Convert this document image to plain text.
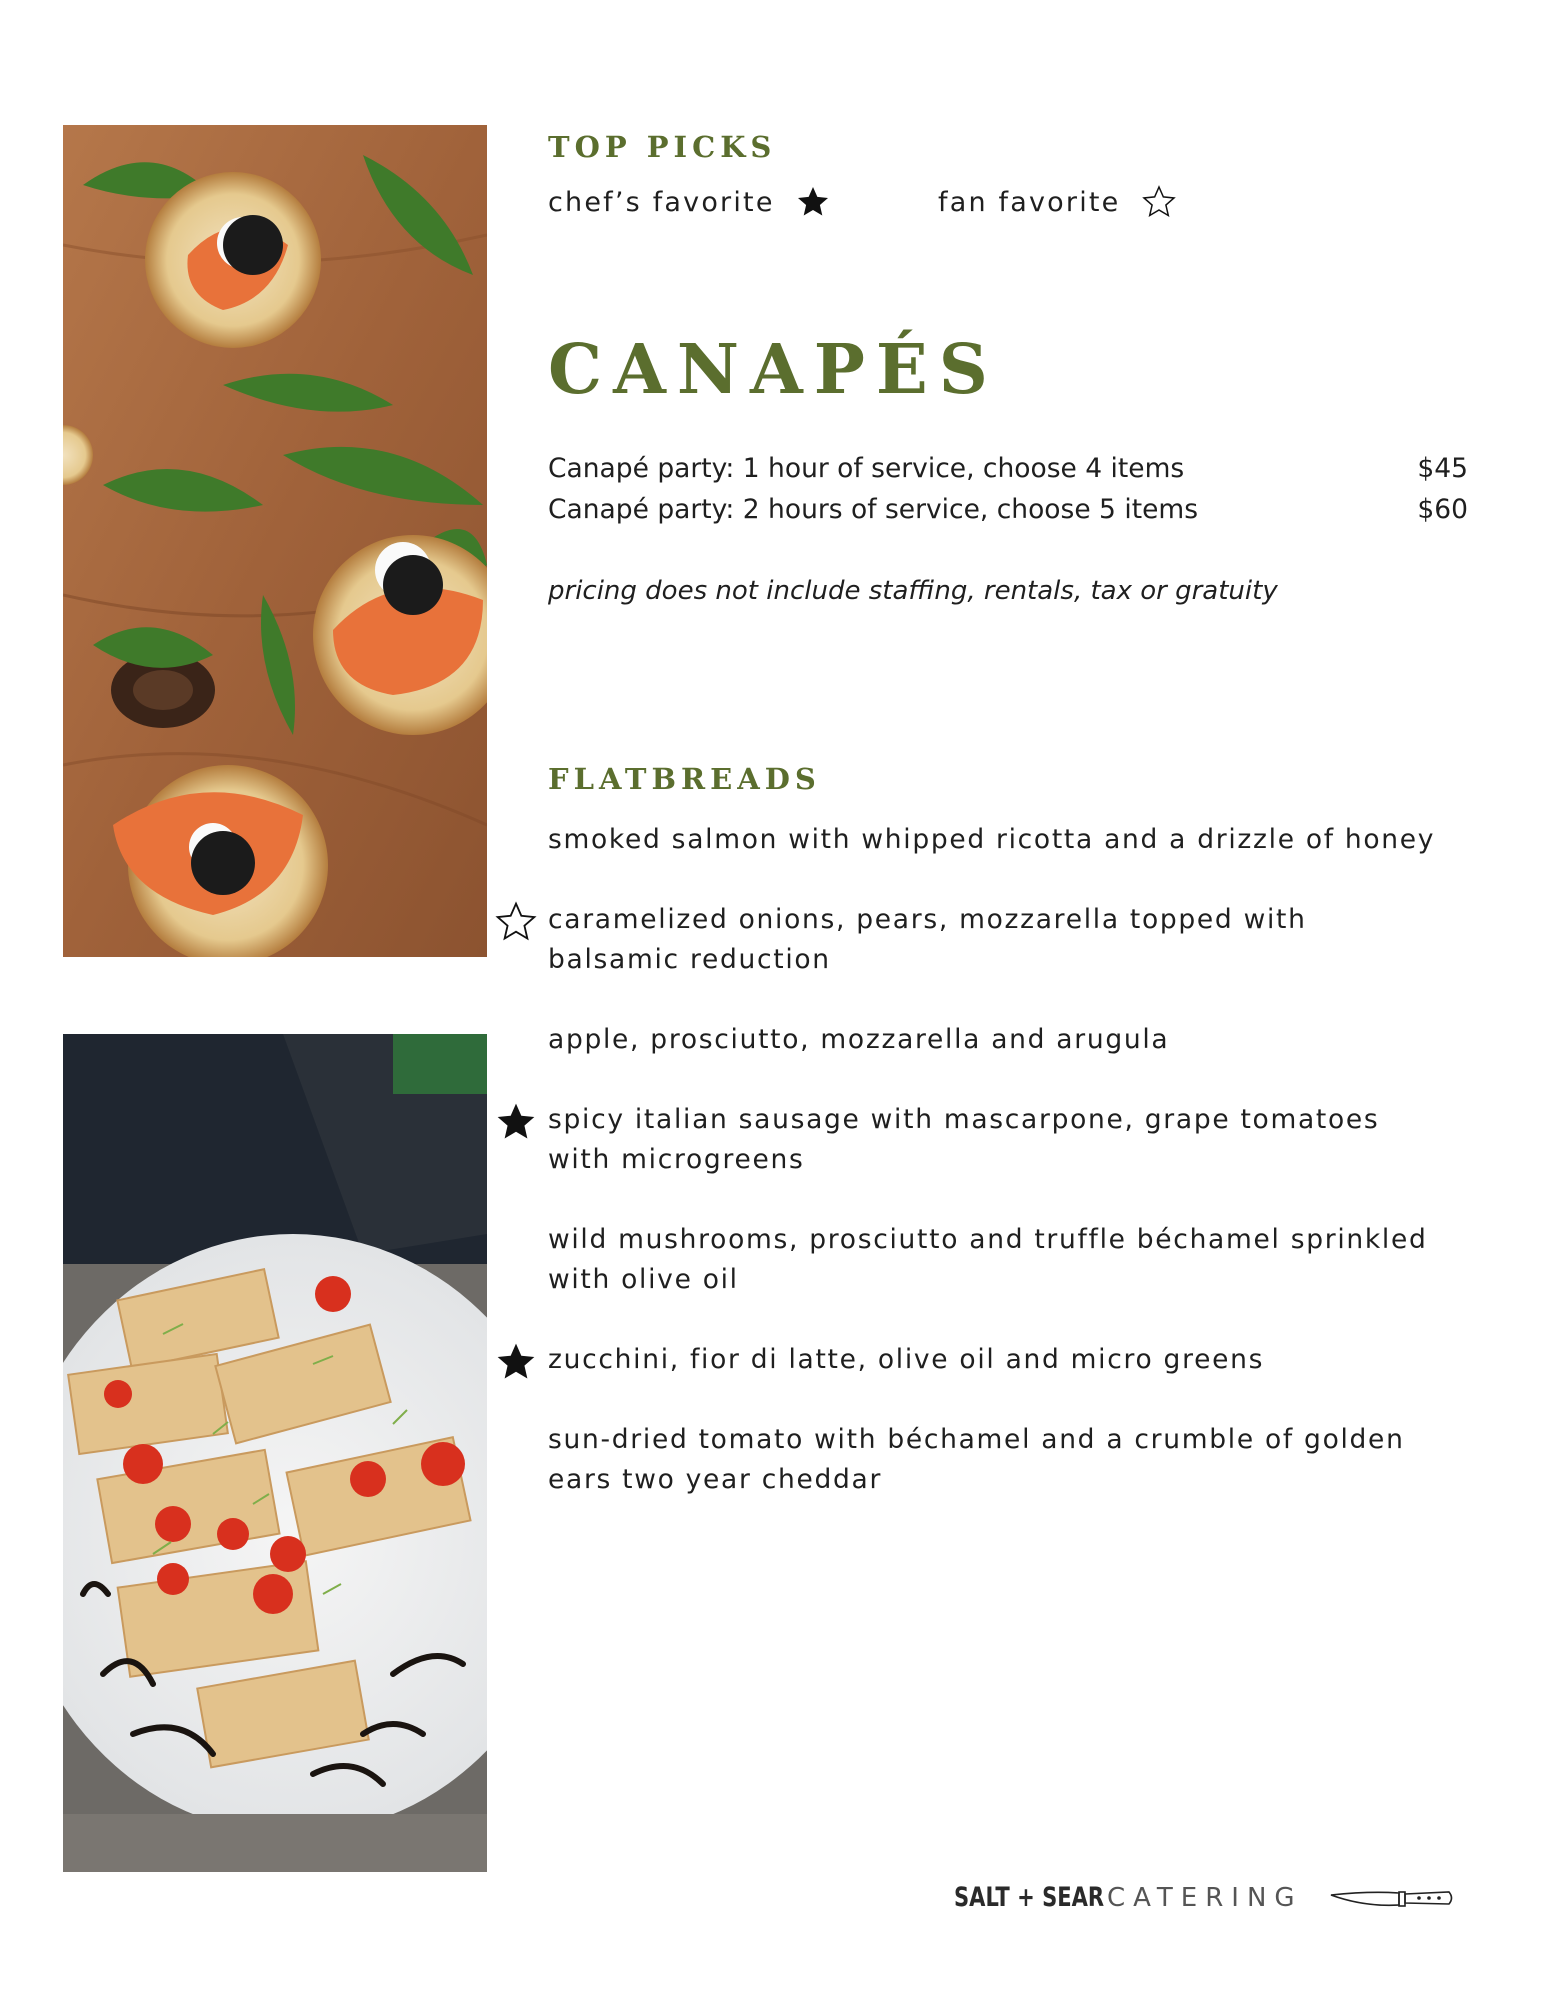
TOP PICKS
chef’s favorite	fan favorite
CANAPÉS
Canapé party: 1 hour of service, choose 4 items	$45
Canapé party: 2 hours of service, choose 5 items	$60
pricing does not include staffing, rentals, tax or gratuity
FLATBREADS

smoked salmon with whipped ricotta and a drizzle of honey

caramelized onions, pears, mozzarella topped with balsamic reduction

apple, prosciutto, mozzarella and arugula

spicy italian sausage with mascarpone, grape tomatoes with microgreens

wild mushrooms, prosciutto and truffle béchamel sprinkled with olive oil

zucchini, fior di latte, olive oil and micro greens

sun-dried tomato with béchamel and a crumble of golden ears two year cheddar

SALT + SEAR CATERING
